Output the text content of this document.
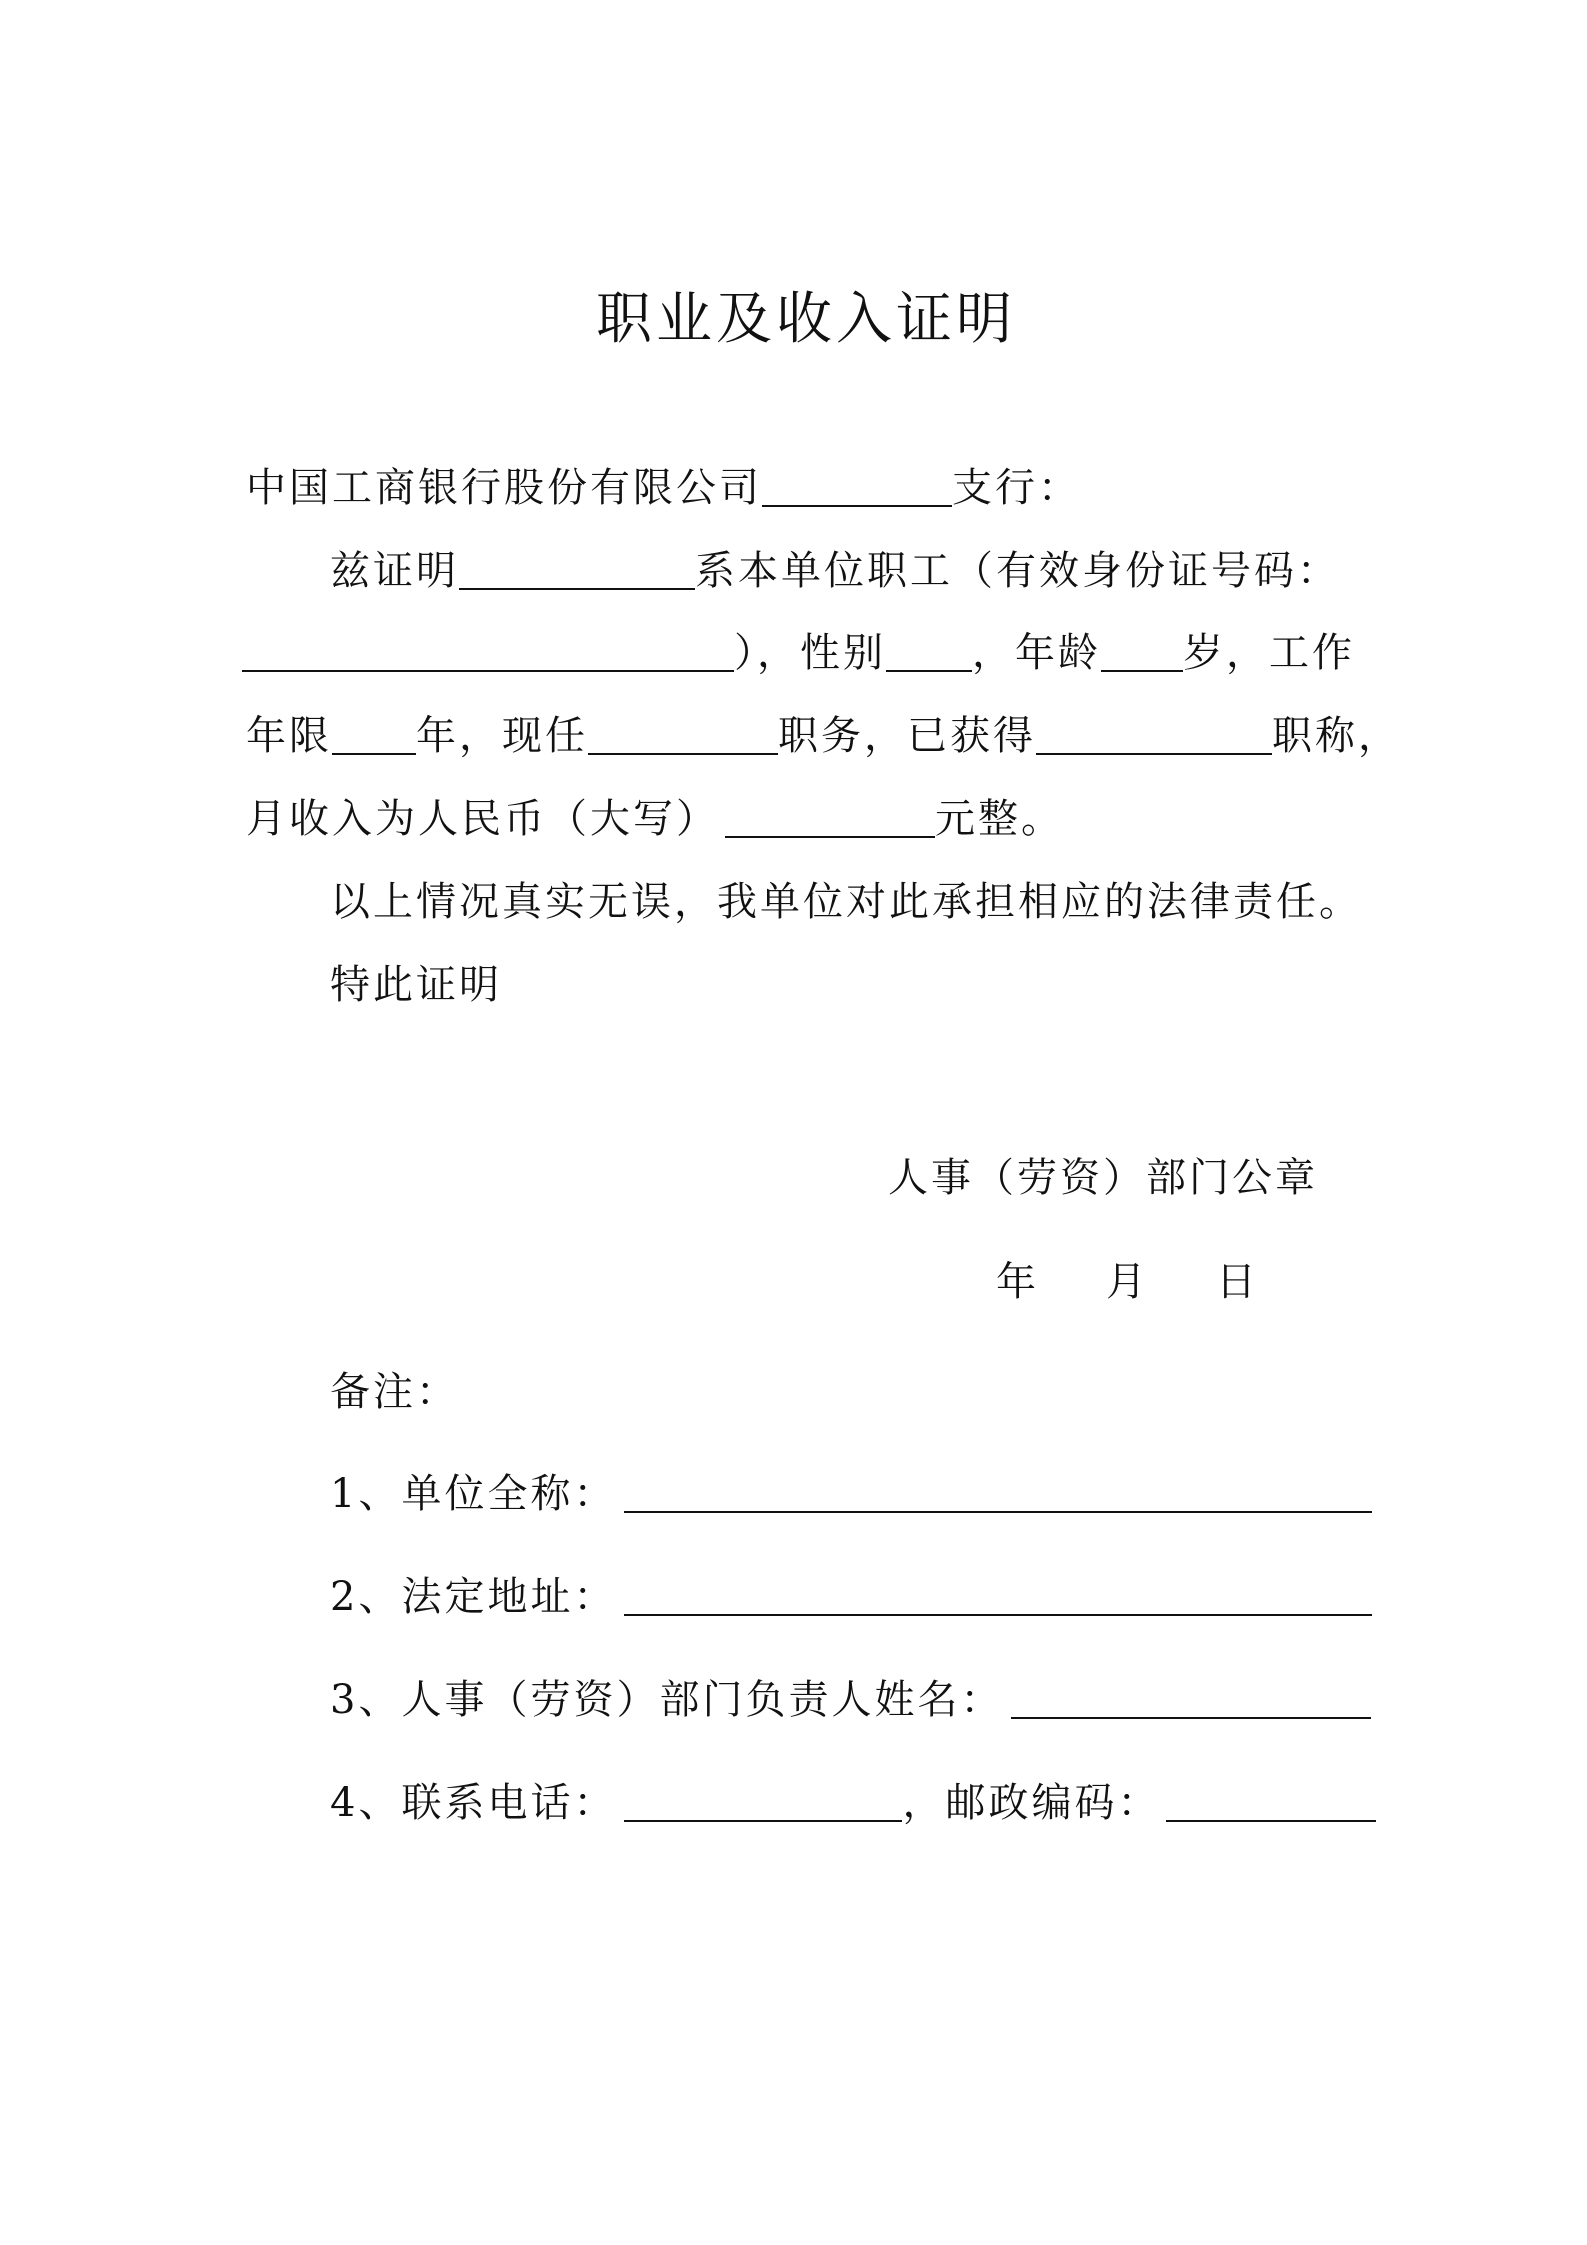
职业及收入证明
中国工商银行股份有限公司	支行：
兹证明	系本单位职工（有效身份证号码：
），性别 ，年龄 岁，工作
年限 年，现任	职务，已获得	职称，
月收入为人民币（大写）	元整。
以上情况真实无误，我单位对此承担相应的法律责任。
特此证明
人事（劳资）部门公章
年 月 日
备注：
1、单位全称：
2、法定地址：
3、人事（劳资）部门负责人姓名：
4、联系电话：	，邮政编码：
